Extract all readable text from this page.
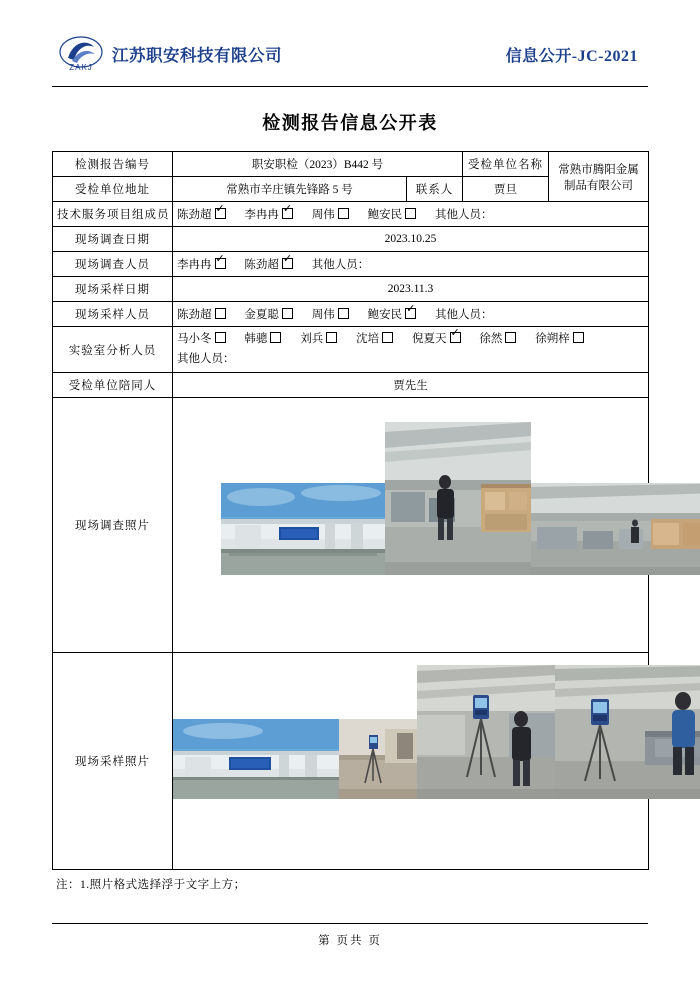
ZAKJ
江苏职安科技有限公司	信息公开-JC-2021
检测报告信息公开表
检测报告编号	职安职检（2023）B442 号		受检单位名称	常熟市腾阳金属制品有限公司
受检单位地址	常熟市辛庄镇先锋路 5 号	联系人	贾旦	
技术服务项目组成员	陈劲超 ✓ 李冉冉 ✓ 周伟 鲍安民 其他人员：
现场调查日期	2023.10.25			
现场调查人员	李冉冉 ✓ 陈劲超 ✓ 其他人员：
现场采样日期	2023.11.3			
现场采样人员	陈劲超 金夏聪 周伟 鲍安民 ✓ 其他人员：
实验室分析人员	马小冬 韩骢 刘兵 沈培 倪夏天 ✓ 徐然 徐朔梓
其他人员：
受检单位陪同人	贾先生			
现场调查照片	

现场采样照片	
注：1.照片格式选择浮于文字上方；
第 页共 页
